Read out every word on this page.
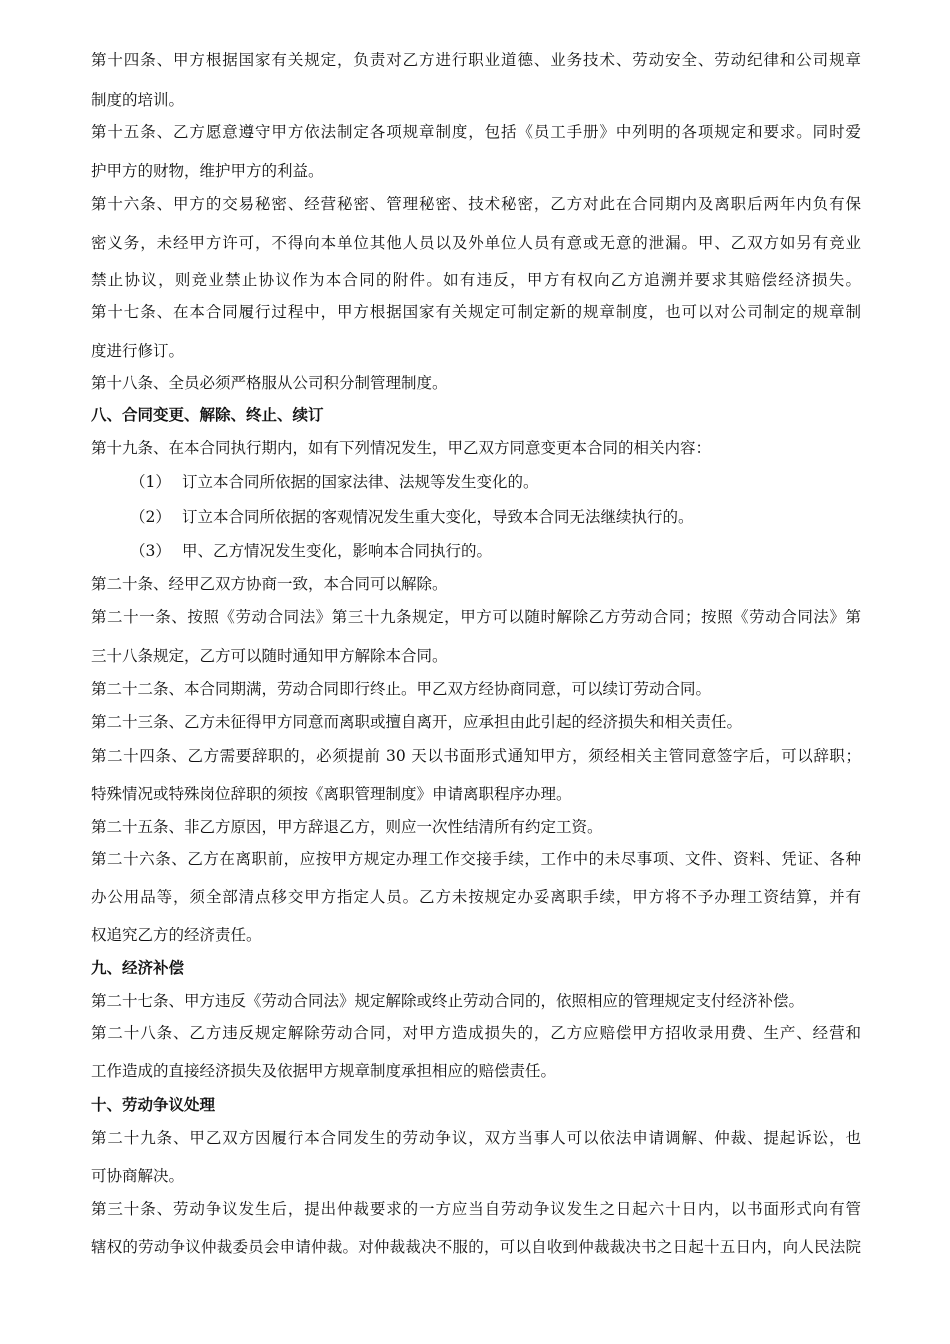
第十四条、甲方根据国家有关规定，负责对乙方进行职业道德、业务技术、劳动安全、劳动纪律和公司规章
制度的培训。
第十五条、乙方愿意遵守甲方依法制定各项规章制度，包括《员工手册》中列明的各项规定和要求。同时爱
护甲方的财物，维护甲方的利益。
第十六条、甲方的交易秘密、经营秘密、管理秘密、技术秘密，乙方对此在合同期内及离职后两年内负有保
密义务，未经甲方许可，不得向本单位其他人员以及外单位人员有意或无意的泄漏。甲、乙双方如另有竞业
禁止协议，则竞业禁止协议作为本合同的附件。如有违反，甲方有权向乙方追溯并要求其赔偿经济损失。
第十七条、在本合同履行过程中，甲方根据国家有关规定可制定新的规章制度，也可以对公司制定的规章制
度进行修订。
第十八条、全员必须严格服从公司积分制管理制度。
八、合同变更、解除、终止、续订
第十九条、在本合同执行期内，如有下列情况发生，甲乙双方同意变更本合同的相关内容：
（1） 订立本合同所依据的国家法律、法规等发生变化的。
（2） 订立本合同所依据的客观情况发生重大变化，导致本合同无法继续执行的。
（3） 甲、乙方情况发生变化，影响本合同执行的。
第二十条、经甲乙双方协商一致，本合同可以解除。
第二十一条、按照《劳动合同法》第三十九条规定，甲方可以随时解除乙方劳动合同；按照《劳动合同法》第
三十八条规定，乙方可以随时通知甲方解除本合同。
第二十二条、本合同期满，劳动合同即行终止。甲乙双方经协商同意，可以续订劳动合同。
第二十三条、乙方未征得甲方同意而离职或擅自离开，应承担由此引起的经济损失和相关责任。
第二十四条、乙方需要辞职的，必须提前 30 天以书面形式通知甲方，须经相关主管同意签字后，可以辞职；
特殊情况或特殊岗位辞职的须按《离职管理制度》申请离职程序办理。
第二十五条、非乙方原因，甲方辞退乙方，则应一次性结清所有约定工资。
第二十六条、乙方在离职前，应按甲方规定办理工作交接手续，工作中的未尽事项、文件、资料、凭证、各种
办公用品等，须全部清点移交甲方指定人员。乙方未按规定办妥离职手续，甲方将不予办理工资结算，并有
权追究乙方的经济责任。
九、经济补偿
第二十七条、甲方违反《劳动合同法》规定解除或终止劳动合同的，依照相应的管理规定支付经济补偿。
第二十八条、乙方违反规定解除劳动合同，对甲方造成损失的，乙方应赔偿甲方招收录用费、生产、经营和
工作造成的直接经济损失及依据甲方规章制度承担相应的赔偿责任。
十、劳动争议处理
第二十九条、甲乙双方因履行本合同发生的劳动争议，双方当事人可以依法申请调解、仲裁、提起诉讼，也
可协商解决。
第三十条、劳动争议发生后，提出仲裁要求的一方应当自劳动争议发生之日起六十日内，以书面形式向有管
辖权的劳动争议仲裁委员会申请仲裁。对仲裁裁决不服的，可以自收到仲裁裁决书之日起十五日内，向人民法院
